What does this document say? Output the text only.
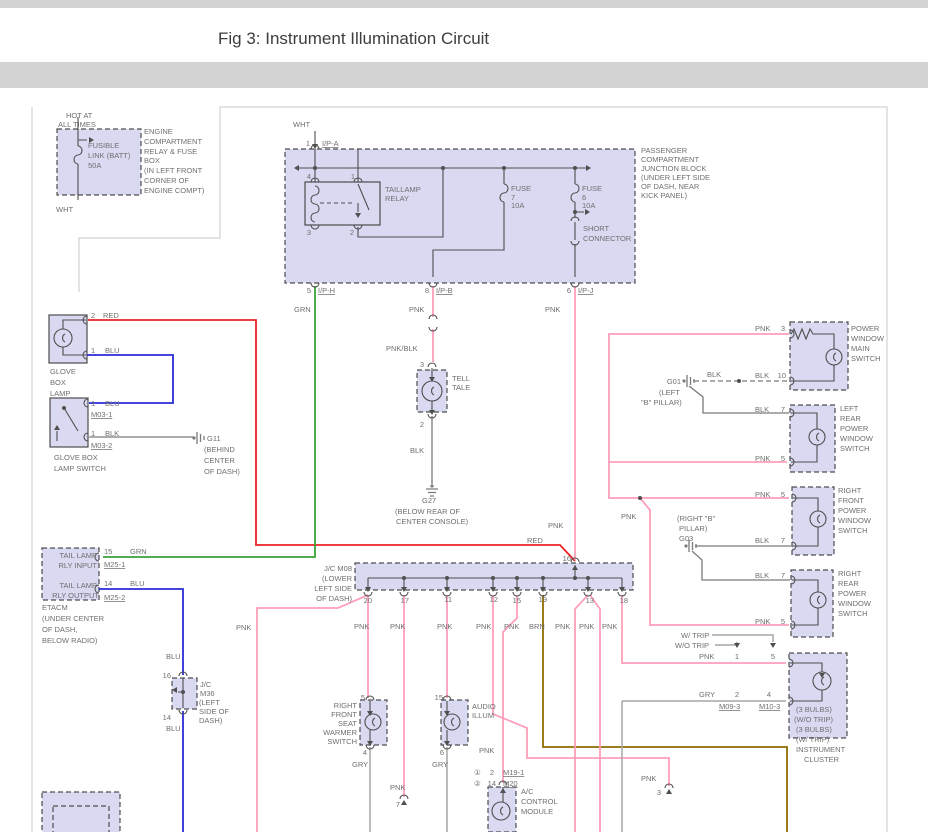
Fig 3: Instrument Illumination Circuit
HOT AT
ALL TIMES	WHT
FUSIBLE
LINK (BATT)
50A
ENGINE
COMPARTMENT
RELAY & FUSE
BOX
(IN LEFT FRONT
CORNER OF
ENGINE COMPT)
WHT
1 I/P-A
PASSENGER
COMPARTMENT
JUNCTION BLOCK
(UNDER LEFT SIDE
OF DASH, NEAR
KICK PANEL)
TAILLAMP
RELAY
4	1
3	2
FUSE
7
10A
FUSE
6
10A
SHORT
CONNECTOR
5 I/P-H	8 I/P-B	6 I/P-J
GRN	PNK	PNK
PNK/BLK
BLK
RED
RED
GRN
BLU
PNK
PNK
BLU
BLU
3
TELL
TALE
2
G27
(BELOW REAR OF
CENTER CONSOLE)
2
1 BLU
GLOVE
BOX
LAMP
1 BLU
M03-1
1 BLK
M03-2
GLOVE BOX
LAMP SWITCH
G11
(BEHIND
CENTER
OF DASH)
TAIL LAMP
RLY INPUT
15
M25-1
TAIL LAMP
RLY OUTPUT
14
M25-2
ETACM
(UNDER CENTER
OF DASH,
BELOW RADIO)
16
J/C
M36
(LEFT
SIDE OF
DASH)
14
J/C M08
(LOWER
LEFT SIDE
OF DASH)
16
20	17	11	12 15 19	13	18
PNK	PNK	PNK	PNK	PNK PNK BRN PNK PNK PNK
RIGHT
FRONT
SEAT
WARMER
SWITCH
5
4
GRY
15
AUDIO
ILLUM
6
GRY
① 2 M19-1
② 14 M20
A/C
CONTROL
MODULE
PNK
7
PNK
PNK
3
PNK 3
BLK 10
BLK
G01
(LEFT
"B" PILLAR)
POWER
WINDOW
MAIN
SWITCH
BLK 7
PNK 5
LEFT
REAR
POWER
WINDOW
SWITCH
PNK 5
BLK 7
(RIGHT "B"
PILLAR)
G03
RIGHT
FRONT
POWER
WINDOW
SWITCH
BLK 7
PNK 5
RIGHT
REAR
POWER
WINDOW
SWITCH
W/ TRIP
W/O TRIP
PNK	1	5
GRY	2	4
M09-3 M10-3 (3 BULBS)
(W/O TRIP)
(3 BULBS)
(W/ TRIP)
INSTRUMENT
CLUSTER
